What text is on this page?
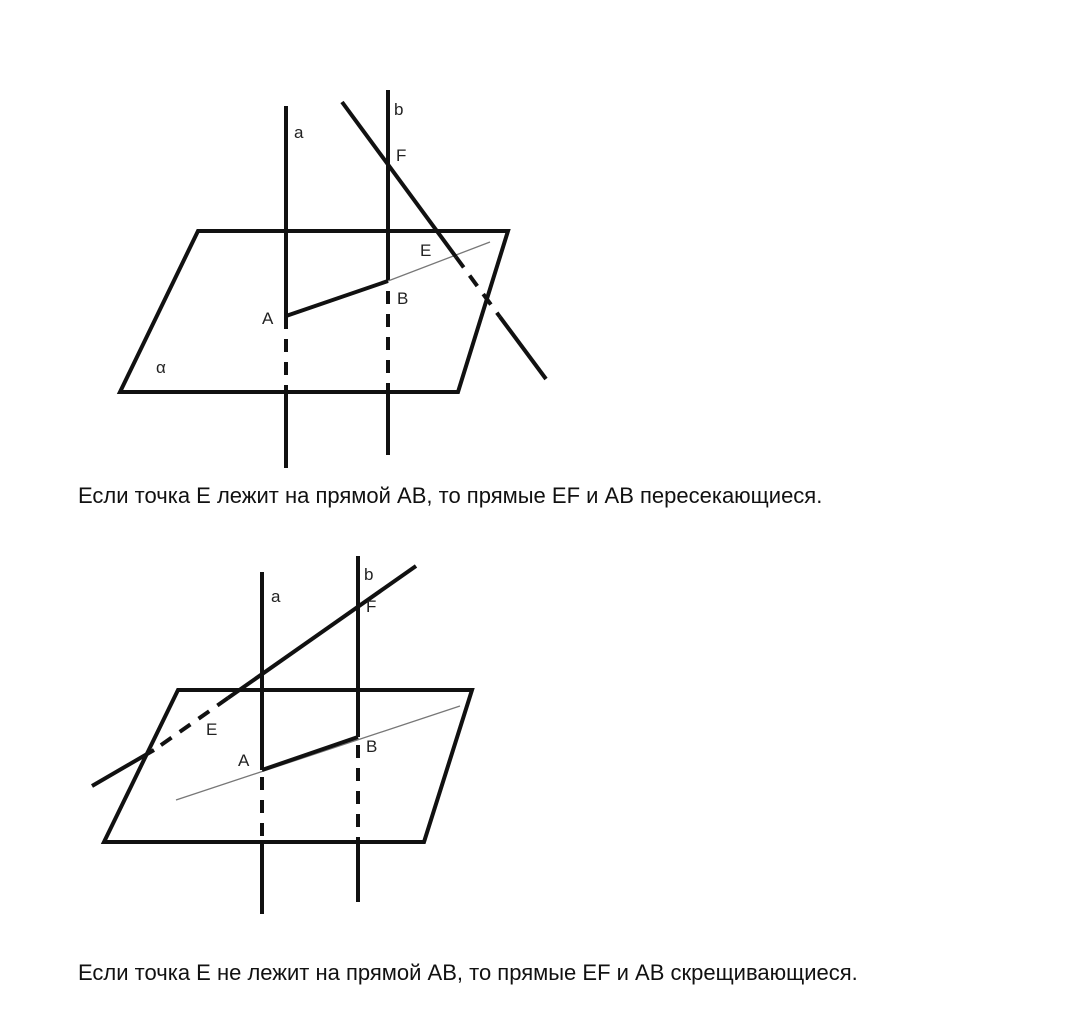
a
b
F
E
B
A
α
Если точка E лежит на прямой AB, то прямые EF и AB пересекающиеся.
a
b
F
E
B
A
Если точка E не лежит на прямой AB, то прямые EF и AB скрещивающиеся.
